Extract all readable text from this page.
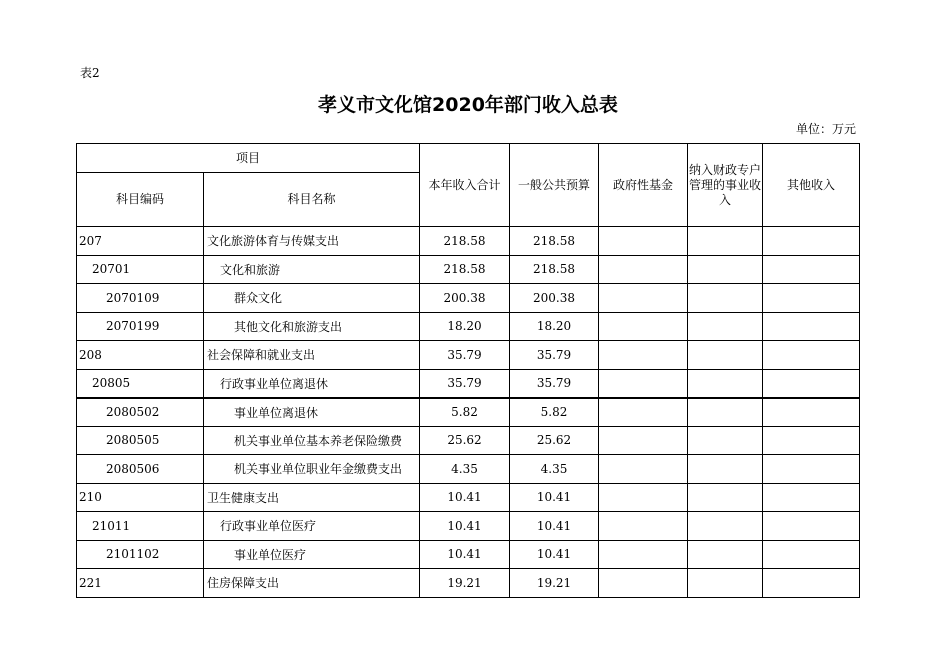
表2
孝义市文化馆2020年部门收入总表
单位：万元
项目		本年收入合计	一般公共预算	政府性基金	纳入财政专户管理的事业收入	其他收入
科目编码	科目名称					
207	文化旅游体育与传媒支出	218.58	218.58			
20701	文化和旅游	218.58	218.58			
2070109	群众文化	200.38	200.38			
2070199	其他文化和旅游支出	18.20	18.20			
208	社会保障和就业支出	35.79	35.79			
20805	行政事业单位离退休	35.79	35.79			
2080502	事业单位离退休	5.82	5.82			
2080505	机关事业单位基本养老保险缴费	25.62	25.62			
2080506	机关事业单位职业年金缴费支出	4.35	4.35			
210	卫生健康支出	10.41	10.41			
21011	行政事业单位医疗	10.41	10.41			
2101102	事业单位医疗	10.41	10.41			
221	住房保障支出	19.21	19.21			
